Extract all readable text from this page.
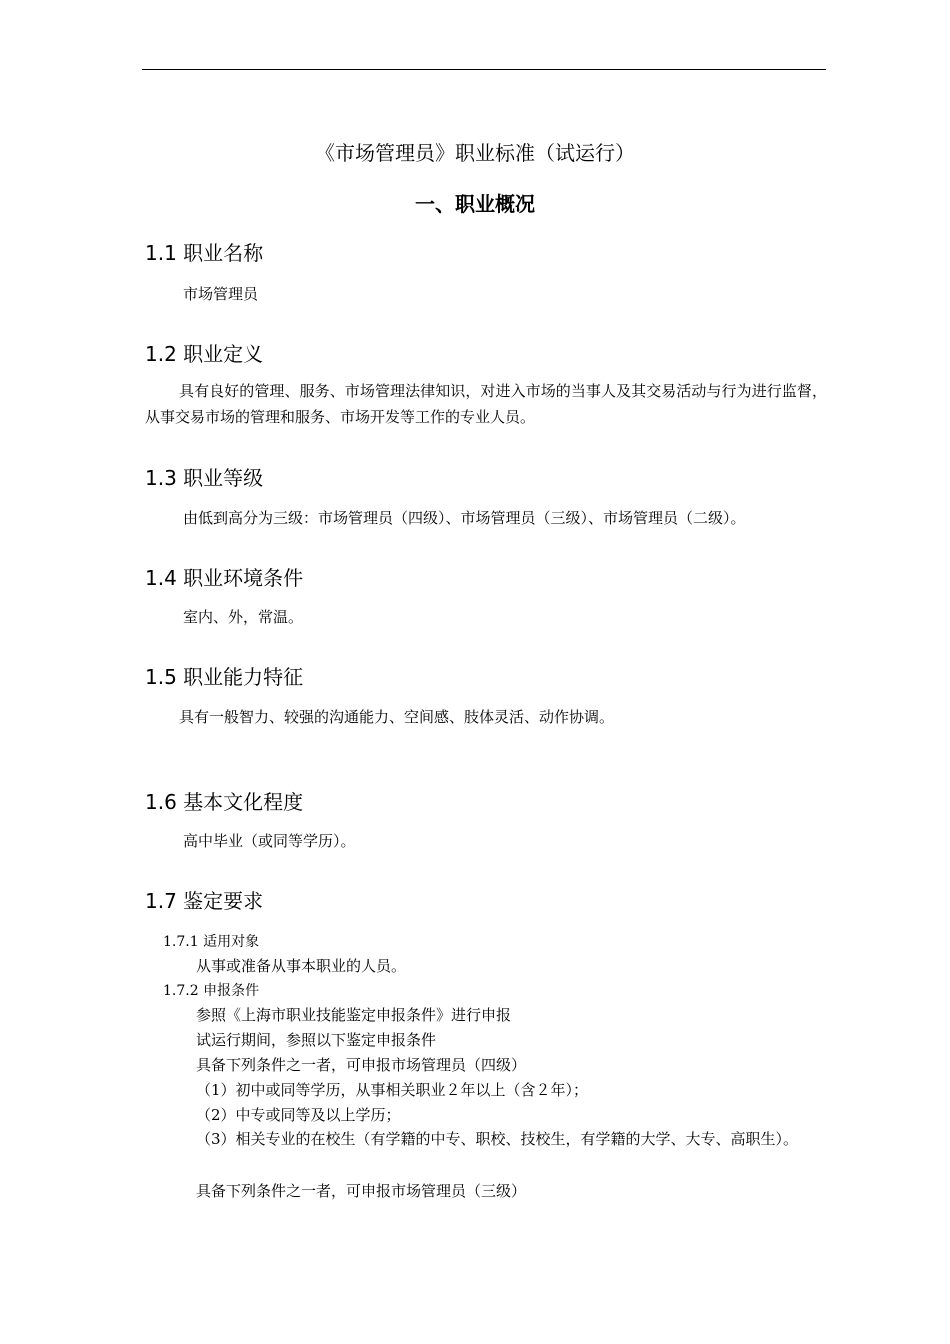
《市场管理员》职业标准（试运行）
一、职业概况
1.1 职业名称
市场管理员
1.2 职业定义
具有良好的管理、服务、市场管理法律知识，对进入市场的当事人及其交易活动与行为进行监督，从事交易市场的管理和服务、市场开发等工作的专业人员。
1.3 职业等级
由低到高分为三级：市场管理员（四级）、市场管理员（三级）、市场管理员（二级）。
1.4 职业环境条件
室内、外，常温。
1.5 职业能力特征
具有一般智力、较强的沟通能力、空间感、肢体灵活、动作协调。
1.6 基本文化程度
高中毕业（或同等学历）。
1.7 鉴定要求
1.7.1 适用对象
从事或准备从事本职业的人员。
1.7.2 申报条件
参照《上海市职业技能鉴定申报条件》进行申报
试运行期间，参照以下鉴定申报条件
具备下列条件之一者，可申报市场管理员（四级）
（1）初中或同等学历，从事相关职业２年以上（含２年）；
（2）中专或同等及以上学历；
（3）相关专业的在校生（有学籍的中专、职校、技校生，有学籍的大学、大专、高职生）。
具备下列条件之一者，可申报市场管理员（三级）
